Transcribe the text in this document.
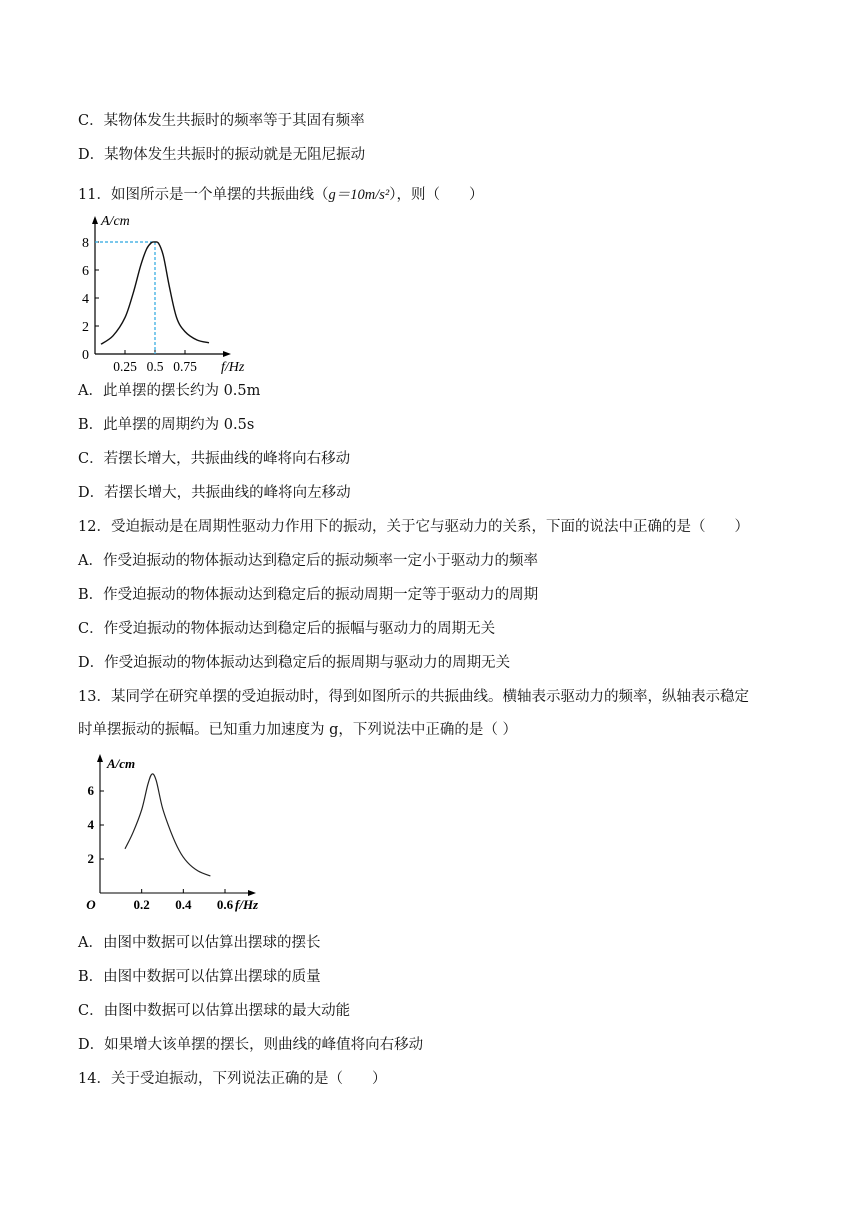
C．某物体发生共振时的频率等于其固有频率
D．某物体发生共振时的振动就是无阻尼振动
11．如图所示是一个单摆的共振曲线（g＝10m/s²），则（　　）
0
2
4
6
8
0.25 0.5 0.75 f/Hz
A/cm
A．此单摆的摆长约为 0.5m
B．此单摆的周期约为 0.5s
C．若摆长增大，共振曲线的峰将向右移动
D．若摆长增大，共振曲线的峰将向左移动
12．受迫振动是在周期性驱动力作用下的振动，关于它与驱动力的关系，下面的说法中正确的是（　　）
A．作受迫振动的物体振动达到稳定后的振动频率一定小于驱动力的频率
B．作受迫振动的物体振动达到稳定后的振动周期一定等于驱动力的周期
C．作受迫振动的物体振动达到稳定后的振幅与驱动力的周期无关
D．作受迫振动的物体振动达到稳定后的振周期与驱动力的周期无关
13．某同学在研究单摆的受迫振动时，得到如图所示的共振曲线。横轴表示驱动力的频率，纵轴表示稳定
时单摆振动的振幅。已知重力加速度为 g，下列说法中正确的是（ ）
2
4
6
0.2 0.4 0.6
O	f/Hz
A/cm
A．由图中数据可以估算出摆球的摆长
B．由图中数据可以估算出摆球的质量
C．由图中数据可以估算出摆球的最大动能
D．如果增大该单摆的摆长，则曲线的峰值将向右移动
14．关于受迫振动，下列说法正确的是（　　）
